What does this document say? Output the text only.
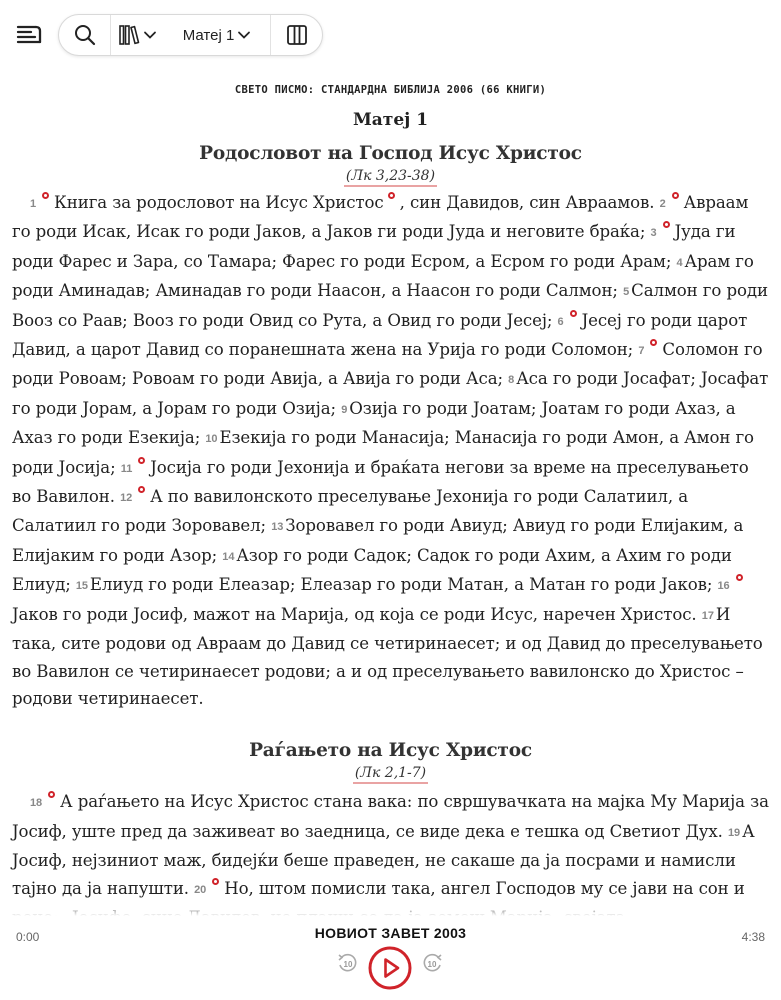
Матеј 1
СВЕТО ПИСМО: СТАНДАРДНА БИБЛИЈА 2006 (66 КНИГИ)
Матеј 1
Родословот на Господ Исус Христос
(Лк 3,23-38)

1 Книга за родословот на Исус Христос , син Давидов, син Авраамов. 2 Авраам го роди Исак, Исак го роди Јаков, а Јаков ги роди Јуда и неговите браќа; 3 Јуда ги роди Фарес и Зара, со Тамара; Фарес го роди Есром, а Есром го роди Арам; 4 Арам го роди Аминадав; Аминадав го роди Наасон, а Наасон го роди Салмон; 5 Салмон го роди Вооз со Раав; Вооз го роди Овид со Рута, а Овид го роди Јесеј; 6 Јесеј го роди царот Давид, а царот Давид со поранешната жена на Урија го роди Соломон; 7 Соломон го роди Ровоам; Ровоам го роди Авија, а Авија го роди Аса; 8 Аса го роди Јосафат; Јосафат го роди Јорам, а Јорам го роди Озија; 9 Озија го роди Јоатам; Јоатам го роди Ахаз, а Ахаз го роди Езекија; 10 Езекија го роди Манасија; Манасија го роди Амон, а Амон го роди Јосија; 11 Јосија го роди Јехонија и браќата негови за време на преселувањето во Вавилон. 12 А по вавилонското преселување Јехонија го роди Салатиил, а Салатиил го роди Зоровавел; 13 Зоровавел го роди Авиуд; Авиуд го роди Елијаким, а Елијаким го роди Азор; 14 Азор го роди Садок; Садок го роди Ахим, а Ахим го роди Елиуд; 15 Елиуд го роди Елеазар; Елеазар го роди Матан, а Матан го роди Јаков; 16Јаков го роди Јосиф, мажот на Марија, од која се роди Исус, наречен Христос. 17 И така, сите родови од Авраам до Давид се четиринаесет; и од Давид до преселувањето во Вавилон се четиринаесет родови; а и од преселувањето вавилонско до Христос – родови четиринаесет.

Раѓањето на Исус Христос
(Лк 2,1-7)

18 А раѓањето на Исус Христос стана вака: по свршувачката на мајка Му Марија за Јосиф, уште пред да заживеат во заедница, се виде дека е тешка од Светиот Дух. 19 А Јосиф, нејзиниот маж, бидејќи беше праведен, не сакаше да ја посрами и намисли тајно да ја напушти. 20 Но, штом помисли така, ангел Господов му се јави на сон и

0:00	НОВИОТ ЗАВЕТ 2003	4:38
10	10
